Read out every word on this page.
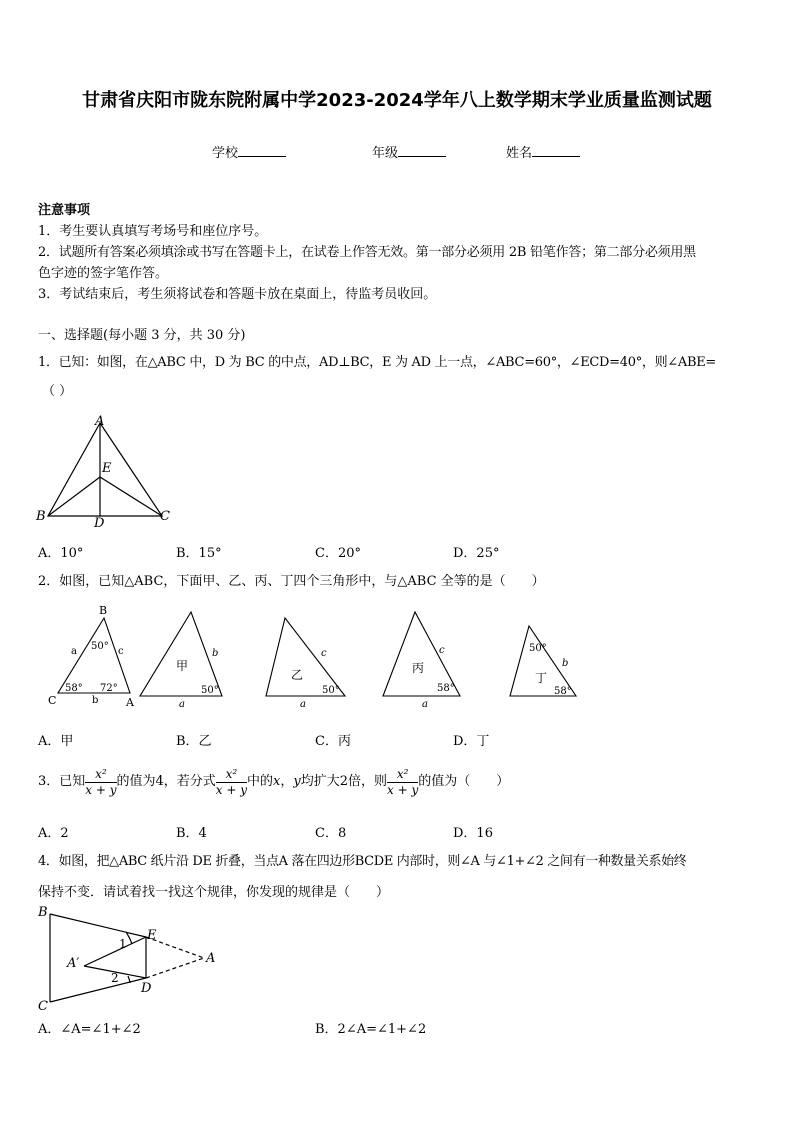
甘肃省庆阳市陇东院附属中学2023-2024学年八上数学期末学业质量监测试题
学校	年级	姓名
注意事项
1．考生要认真填写考场号和座位序号。
2．试题所有答案必须填涂或书写在答题卡上，在试卷上作答无效。第一部分必须用 2B 铅笔作答；第二部分必须用黑
色字迹的签字笔作答。
3．考试结束后，考生须将试卷和答题卡放在桌面上，待监考员收回。
一、选择题(每小题 3 分，共 30 分)
1．已知：如图，在△ABC 中，D 为 BC 的中点，AD⊥BC，E 为 AD 上一点，∠ABC=60°，∠ECD=40°，则∠ABE=
（ ）
A
E
B	D	C
A．10°	B．15°	C．20°	D．25°
2．如图，已知△ABC，下面甲、乙、丙、丁四个三角形中，与△ABC 全等的是（　　）
B
C	A
a	c
b
50°
58° 72°
甲
b
a
50°
乙
c
a
50°
丙
c
a
58°
丁
b
50°
58°
A．甲	B．乙	C．丙	D．丁
3．已知 $\frac{\text{x²}}{x + y}$ 的值为4，若分式 $\frac{\text{x²}}{x + y}$ 中的 x ， y 均扩大2倍，则 $\frac{\text{x²}}{x + y}$ 的值为（　　）
A．2	B．4	C．8	D．16
4．如图，把△ABC 纸片沿 DE 折叠，当点A 落在四边形BCDE 内部时，则∠A 与∠1+∠2 之间有一种数量关系始终
保持不变．请试着找一找这个规律，你发现的规律是（　　）
B
C
E
D
A
A′
1
2
A．∠A=∠1+∠2	B．2∠A=∠1+∠2
